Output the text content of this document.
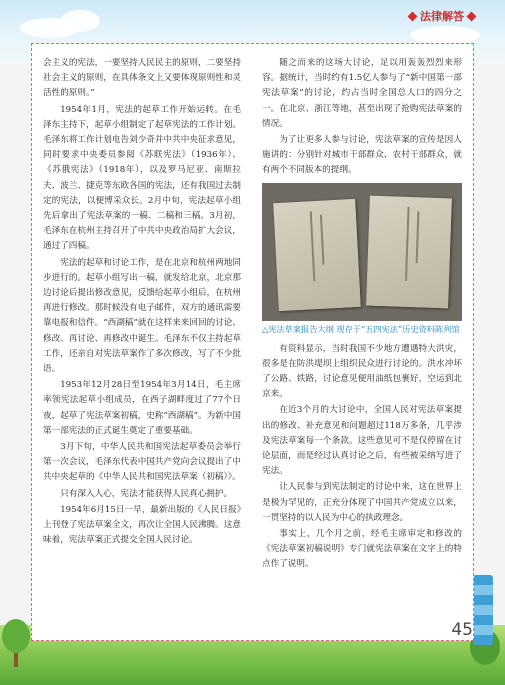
法律解答

会主义的宪法，一要坚持人民民主的原则，二要坚持社会主义的原则，在具体条文上又要体现原则性和灵活性的原则。”

1954年1月，宪法的起草工作开始运转。在毛泽东主持下，起草小组制定了起草宪法的工作计划。毛泽东将工作计划电告刘少奇并中共中央征求意见，同时要求中央委员参阅《苏联宪法》（1936年）、《苏俄宪法》（1918年），以及罗马尼亚、南斯拉夫、波兰、捷克等东欧各国的宪法，还有我国过去制定的宪法，以便博采众长。2月中旬，宪法起草小组先后拿出了宪法草案的一稿、二稿和三稿。3月初，毛泽东在杭州主持召开了中共中央政治局扩大会议，通过了四稿。

宪法的起草和讨论工作，是在北京和杭州两地同步进行的。起草小组写出一稿，就发给北京，北京那边讨论后提出修改意见，反馈给起草小组后，在杭州再进行修改。那时候没有电子邮件，双方的通讯需要靠电报和信件。“西湖稿”就在这样来来回回的讨论、修改、再讨论、再修改中诞生。毛泽东不仅主持起草工作，还亲自对宪法草案作了多次修改，写了不少批语。

1953年12月28日至1954年3月14日，毛主席率领宪法起草小组成员，在西子湖畔度过了77个日夜，起草了宪法草案初稿，史称“西湖稿”。为新中国第一部宪法的正式诞生奠定了重要基础。

3月下旬，中华人民共和国宪法起草委员会举行第一次会议，毛泽东代表中国共产党向会议提出了中共中央起草的《中华人民共和国宪法草案（初稿）》。

只有深入人心，宪法才能获得人民真心拥护。

1954年6月15日一早，最新出版的《人民日报》上刊登了宪法草案全文，再次让全国人民沸腾。这意味着，宪法草案正式提交全国人民讨论。

随之而来的这场大讨论，足以用轰轰烈烈来形容。据统计，当时约有1.5亿人参与了“新中国第一部宪法草案”的讨论，约占当时全国总人口的四分之一。在北京、浙江等地，甚至出现了抢购宪法草案的情况。

为了让更多人参与讨论，宪法草案的宣传是因人施讲的：分别针对城市干部群众、农村干部群众，就有两个不同版本的提纲。

△宪法草案报告大纲 现存于“五四宪法”历史资料陈列馆

有资料显示，当时我国不少地方遭遇特大洪灾，很多是在防洪堤坝上组织民众进行讨论的。洪水冲坏了公路、铁路，讨论意见便用油纸包裹好，空运到北京来。

在近3个月的大讨论中，全国人民对宪法草案提出的修改、补充意见和问题超过118万多条，几乎涉及宪法草案每一个条款。这些意见可不是仅停留在讨论层面，而是经过认真讨论之后，有些被采纳写进了宪法。

让人民参与到宪法制定的讨论中来，这在世界上是极为罕见的，正充分体现了中国共产党成立以来，一贯坚持的以人民为中心的执政理念。

事实上，几个月之前，经毛主席审定和修改的《宪法草案初稿说明》专门就宪法草案在文字上的特点作了说明。

45
